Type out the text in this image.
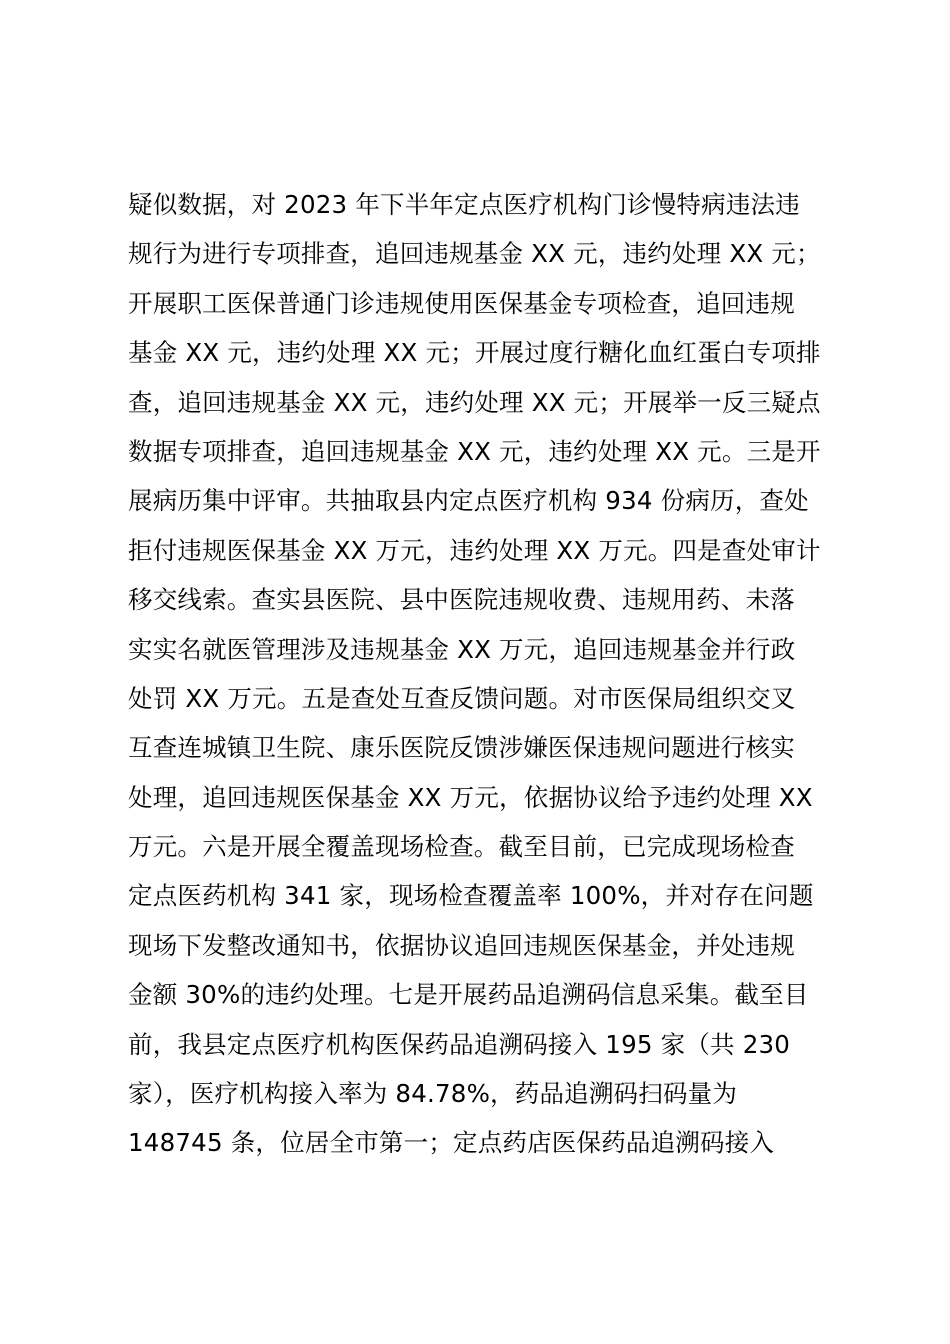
疑似数据，对 2023 年下半年定点医疗机构门诊慢特病违法违
规行为进行专项排查，追回违规基金 XX 元，违约处理 XX 元；
开展职工医保普通门诊违规使用医保基金专项检查，追回违规
基金 XX 元，违约处理 XX 元；开展过度行糖化血红蛋白专项排
查，追回违规基金 XX 元，违约处理 XX 元；开展举一反三疑点
数据专项排查，追回违规基金 XX 元，违约处理 XX 元。三是开
展病历集中评审。共抽取县内定点医疗机构 934 份病历，查处
拒付违规医保基金 XX 万元，违约处理 XX 万元。四是查处审计
移交线索。查实县医院、县中医院违规收费、违规用药、未落
实实名就医管理涉及违规基金 XX 万元，追回违规基金并行政
处罚 XX 万元。五是查处互查反馈问题。对市医保局组织交叉
互查连城镇卫生院、康乐医院反馈涉嫌医保违规问题进行核实
处理，追回违规医保基金 XX 万元，依据协议给予违约处理 XX
万元。六是开展全覆盖现场检查。截至目前，已完成现场检查
定点医药机构 341 家，现场检查覆盖率 100%，并对存在问题
现场下发整改通知书，依据协议追回违规医保基金，并处违规
金额 30%的违约处理。七是开展药品追溯码信息采集。截至目
前，我县定点医疗机构医保药品追溯码接入 195 家（共 230
家），医疗机构接入率为 84.78%，药品追溯码扫码量为
148745 条，位居全市第一；定点药店医保药品追溯码接入
